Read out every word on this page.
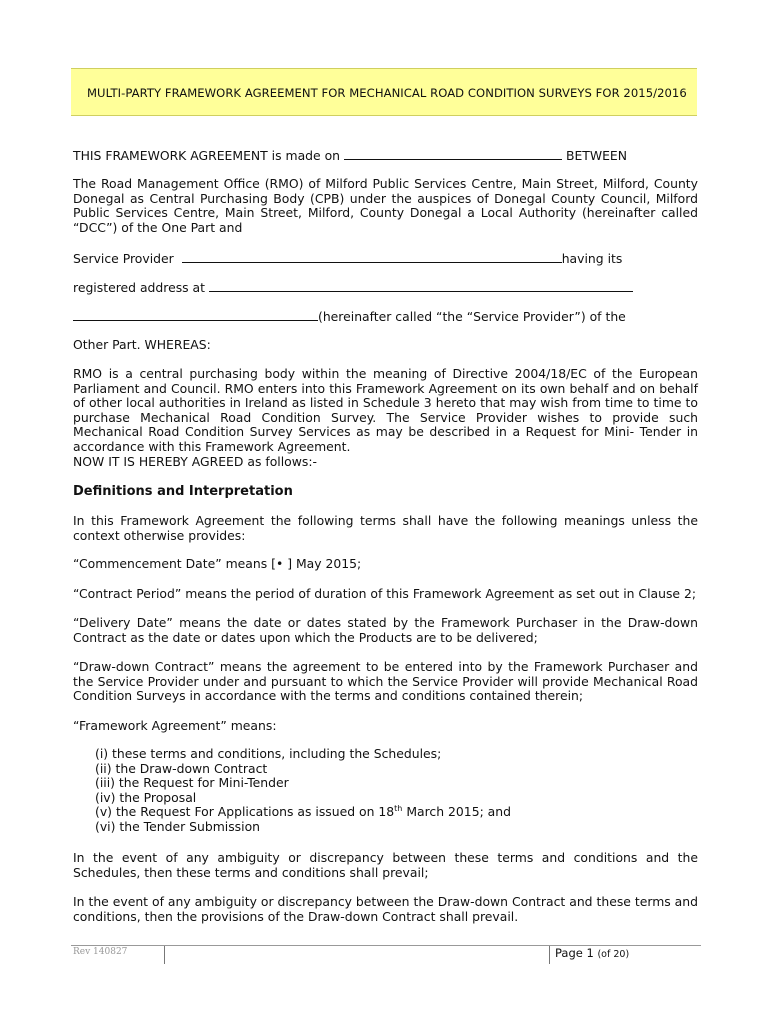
MULTI-PARTY FRAMEWORK AGREEMENT FOR MECHANICAL ROAD CONDITION SURVEYS FOR 2015/2016

THIS FRAMEWORK AGREEMENT is made on	BETWEEN

The Road Management Office (RMO) of Milford Public Services Centre, Main Street, Milford, County Donegal as Central Purchasing Body (CPB) under the auspices of Donegal County Council, Milford Public Services Centre, Main Street, Milford, County Donegal a Local Authority (hereinafter called “DCC”) of the One Part and

Service Provider	having its

registered address at

(hereinafter called “the “Service Provider”) of the

Other Part. WHEREAS:

RMO is a central purchasing body within the meaning of Directive 2004/18/EC of the European Parliament and Council. RMO enters into this Framework Agreement on its own behalf and on behalf of other local authorities in Ireland as listed in Schedule 3 hereto that may wish from time to time to purchase Mechanical Road Condition Survey. The Service Provider wishes to provide such Mechanical Road Condition Survey Services as may be described in a Request for Mini- Tender in accordance with this Framework Agreement.

NOW IT IS HEREBY AGREED as follows:-

Definitions and Interpretation

In this Framework Agreement the following terms shall have the following meanings unless the context otherwise provides:

“Commencement Date” means [• ] May 2015;

“Contract Period” means the period of duration of this Framework Agreement as set out in Clause 2;

“Delivery Date” means the date or dates stated by the Framework Purchaser in the Draw-down Contract as the date or dates upon which the Products are to be delivered;

“Draw-down Contract” means the agreement to be entered into by the Framework Purchaser and the Service Provider under and pursuant to which the Service Provider will provide Mechanical Road Condition Surveys in accordance with the terms and conditions contained therein;

“Framework Agreement” means:

(i) these terms and conditions, including the Schedules;
(ii) the Draw-down Contract
(iii) the Request for Mini-Tender
(iv) the Proposal
(v) the Request For Applications as issued on 18th March 2015; and
(vi) the Tender Submission

In the event of any ambiguity or discrepancy between these terms and conditions and the Schedules, then these terms and conditions shall prevail;

In the event of any ambiguity or discrepancy between the Draw-down Contract and these terms and conditions, then the provisions of the Draw-down Contract shall prevail.

Rev 140827	Page 1 (of 20)
